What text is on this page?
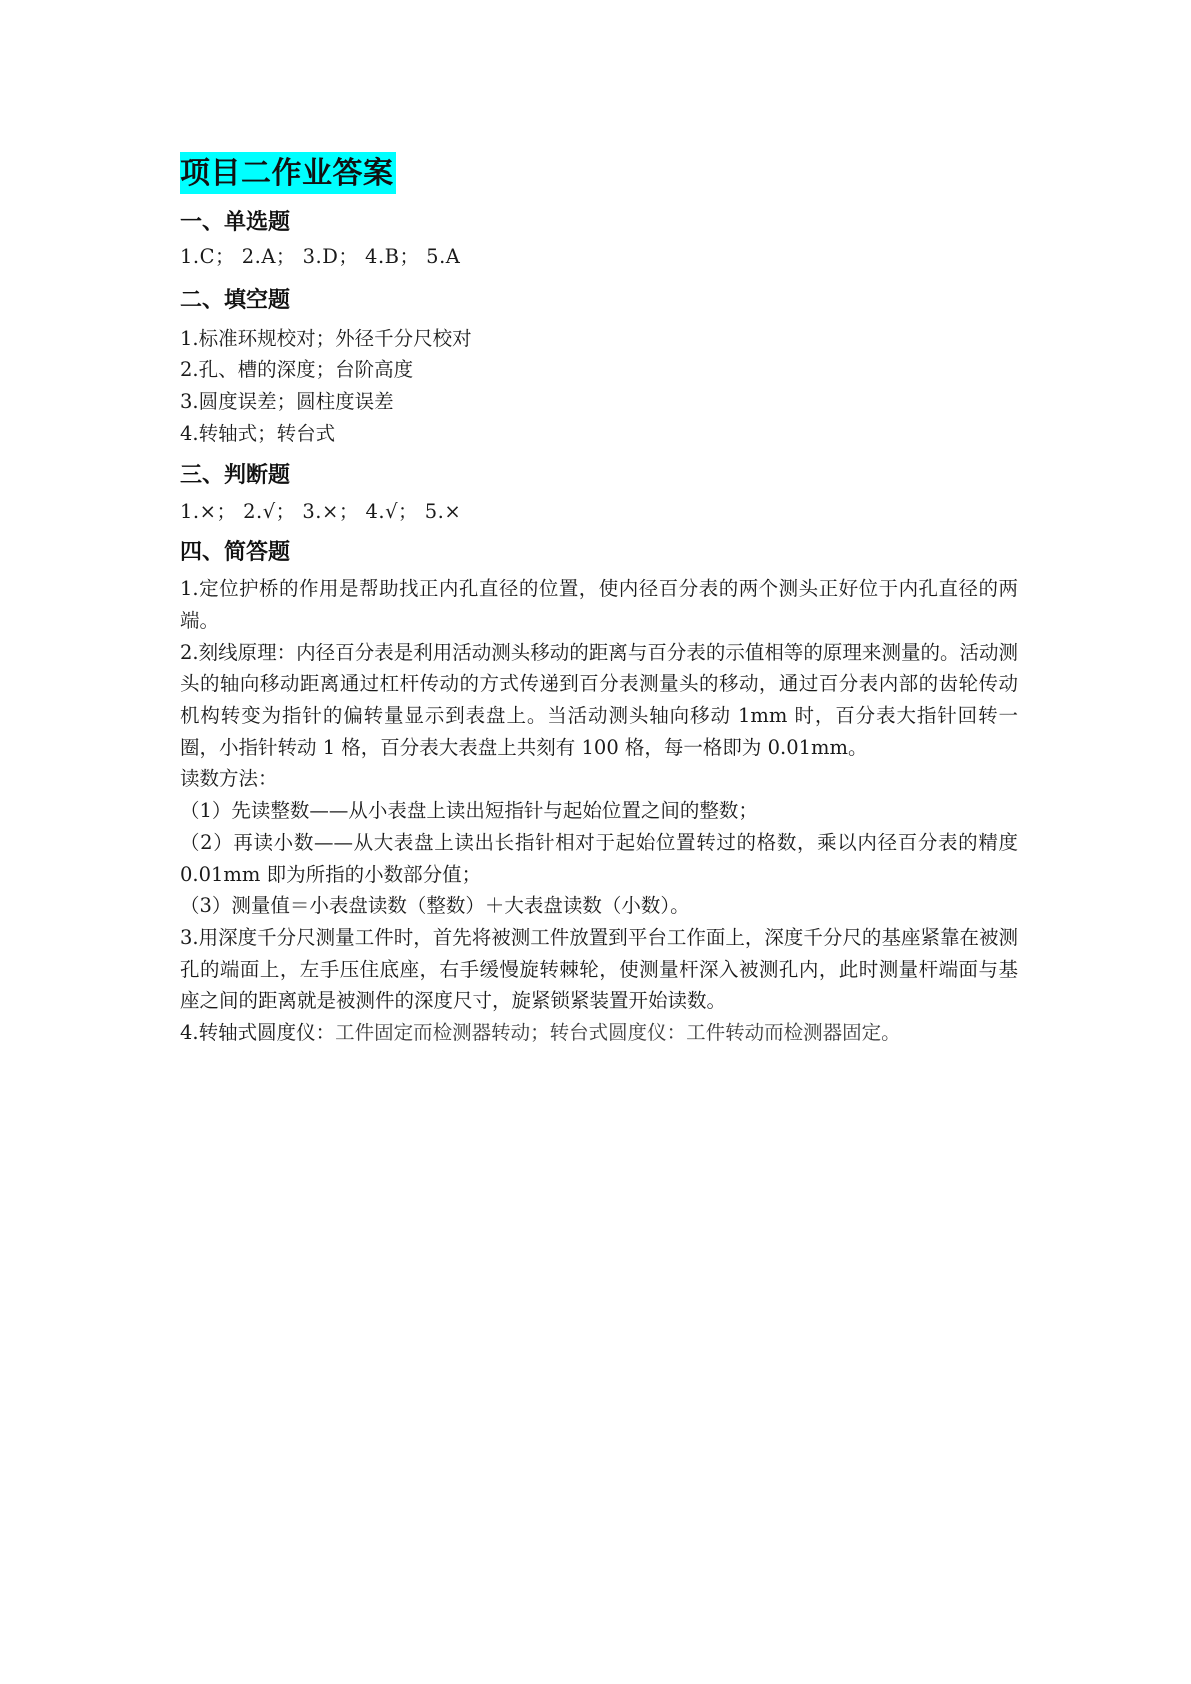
项目二作业答案
一、单选题

1.C； 2.A； 3.D； 4.B； 5.A

二、填空题

1.标准环规校对；外径千分尺校对

2.孔、槽的深度；台阶高度

3.圆度误差；圆柱度误差

4.转轴式；转台式

三、判断题

1.×； 2.√； 3.×； 4.√； 5.×

四、简答题

1.定位护桥的作用是帮助找正内孔直径的位置，使内径百分表的两个测头正好位于内孔直径的两端。

2.刻线原理：内径百分表是利用活动测头移动的距离与百分表的示值相等的原理来测量的。活动测头的轴向移动距离通过杠杆传动的方式传递到百分表测量头的移动，通过百分表内部的齿轮传动机构转变为指针的偏转量显示到表盘上。当活动测头轴向移动 1mm 时，百分表大指针回转一圈，小指针转动 1 格，百分表大表盘上共刻有 100 格，每一格即为 0.01mm。

读数方法：

（1）先读整数——从小表盘上读出短指针与起始位置之间的整数；

（2）再读小数——从大表盘上读出长指针相对于起始位置转过的格数，乘以内径百分表的精度 0.01mm 即为所指的小数部分值；

（3）测量值＝小表盘读数（整数）＋大表盘读数（小数）。

3.用深度千分尺测量工件时，首先将被测工件放置到平台工作面上，深度千分尺的基座紧靠在被测孔的端面上，左手压住底座，右手缓慢旋转棘轮，使测量杆深入被测孔内，此时测量杆端面与基座之间的距离就是被测件的深度尺寸，旋紧锁紧装置开始读数。

4.转轴式圆度仪：工件固定而检测器转动；转台式圆度仪：工件转动而检测器固定。
